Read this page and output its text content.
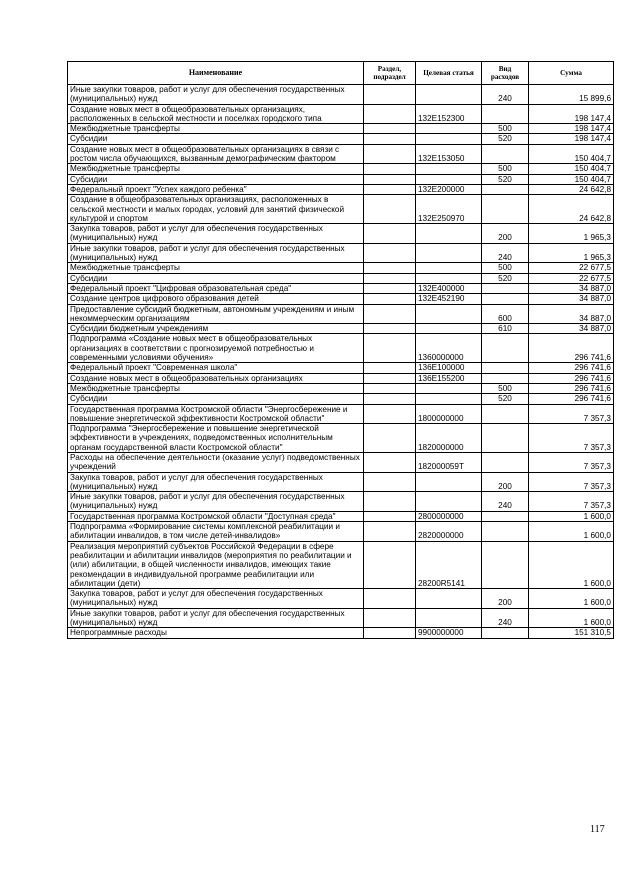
Наименование	Раздел, подраздел	Целевая статья	Вид расходов	Сумма
Иные закупки товаров, работ и услуг для обеспечения государственных (муниципальных) нужд			240	15 899,6
Создание новых мест в общеобразовательных организациях, расположенных в сельской местности и поселках городского типа		132E152300		198 147,4
Межбюджетные трансферты			500	198 147,4
Субсидии			520	198 147,4
Создание новых мест в общеобразовательных организациях в связи с ростом числа обучающихся, вызванным демографическим фактором		132E153050		150 404,7
Межбюджетные трансферты			500	150 404,7
Субсидии			520	150 404,7
Федеральный проект "Успех каждого ребенка"		132E200000		24 642,8
Создание в общеобразовательных организациях, расположенных в сельской местности и малых городах, условий для занятий физической культурой и спортом		132E250970		24 642,8
Закупка товаров, работ и услуг для обеспечения государственных (муниципальных) нужд			200	1 965,3
Иные закупки товаров, работ и услуг для обеспечения государственных (муниципальных) нужд			240	1 965,3
Межбюджетные трансферты			500	22 677,5
Субсидии			520	22 677,5
Федеральный проект "Цифровая образовательная среда"		132E400000		34 887,0
Создание центров цифрового образования детей		132E452190		34 887,0
Предоставление субсидий бюджетным, автономным учреждениям и иным некоммерческим организациям			600	34 887,0
Субсидии бюджетным учреждениям			610	34 887,0
Подпрограмма «Создание новых мест в общеобразовательных организациях в соответствии с прогнозируемой потребностью и современными условиями обучения»		1360000000		296 741,6
Федеральный проект "Современная школа"		136E100000		296 741,6
Создание новых мест в общеобразовательных организациях		136E155200		296 741,6
Межбюджетные трансферты			500	296 741,6
Субсидии			520	296 741,6
Государственная программа Костромской области "Энергосбережение и повышение энергетической эффективности Костромской области"		1800000000		7 357,3
Подпрограмма "Энергосбережение и повышение энергетической эффективности в учреждениях, подведомственных исполнительным органам государственной власти Костромской области"		1820000000		7 357,3
Расходы на обеспечение деятельности (оказание услуг) подведомственных учреждений		182000059T		7 357,3
Закупка товаров, работ и услуг для обеспечения государственных (муниципальных) нужд			200	7 357,3
Иные закупки товаров, работ и услуг для обеспечения государственных (муниципальных) нужд			240	7 357,3
Государственная программа Костромской области "Доступная среда"		2800000000		1 600,0
Подпрограмма «Формирование системы комплексной реабилитации и абилитации инвалидов, в том числе детей-инвалидов»		2820000000		1 600,0
Реализация мероприятий субъектов Российской Федерации в сфере реабилитации и абилитации инвалидов (мероприятия по реабилитации и (или) абилитации, в общей численности инвалидов, имеющих такие рекомендации в индивидуальной программе реабилитации или абилитации (дети)		28200R5141		1 600,0
Закупка товаров, работ и услуг для обеспечения государственных (муниципальных) нужд			200	1 600,0
Иные закупки товаров, работ и услуг для обеспечения государственных (муниципальных) нужд			240	1 600,0
Непрограммные расходы		9900000000		151 310,5
117
